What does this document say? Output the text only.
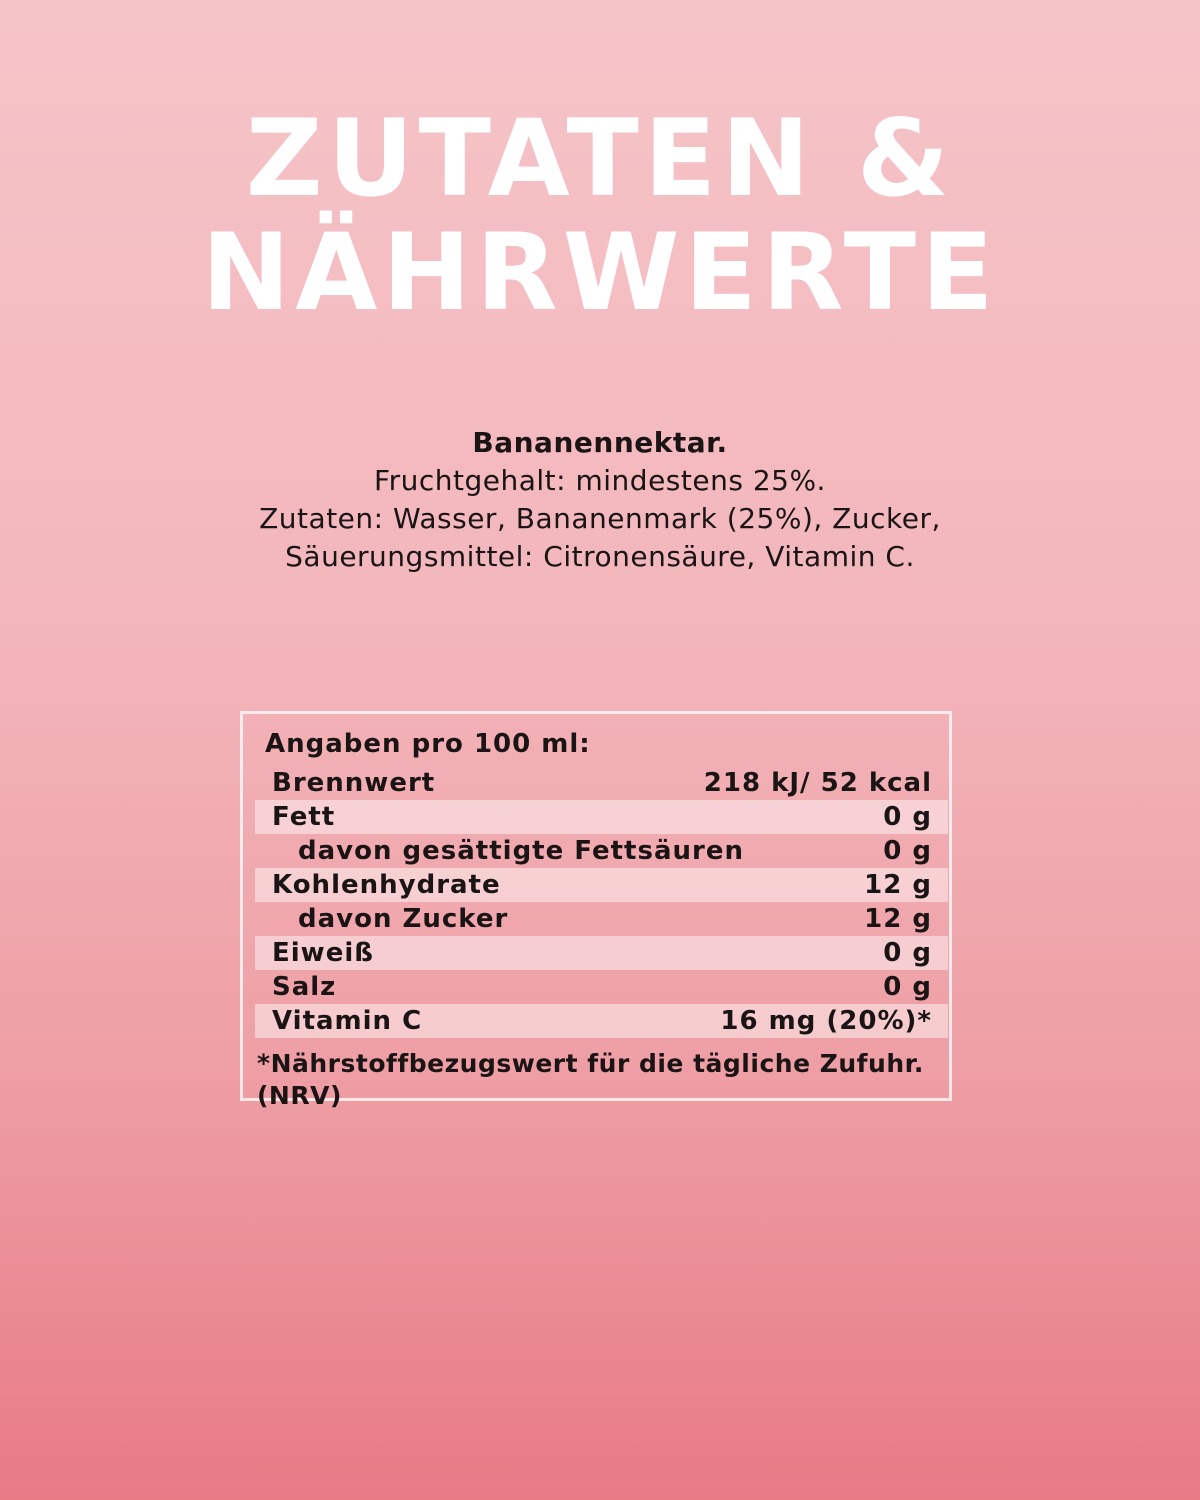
ZUTATEN &
NÄHRWERTE
Bananennektar.
Fruchtgehalt: mindestens 25%.
Zutaten: Wasser, Bananenmark (25%), Zucker,
Säuerungsmittel: Citronensäure, Vitamin C.
Angaben pro 100 ml:
Brennwert	218 kJ/ 52 kcal
Fett	0 g
davon gesättigte Fettsäuren	0 g
Kohlenhydrate	12 g
davon Zucker	12 g
Eiweiß	0 g
Salz	0 g
Vitamin C	16 mg (20%)*
*Nährstoffbezugswert für die tägliche Zufuhr. (NRV)
